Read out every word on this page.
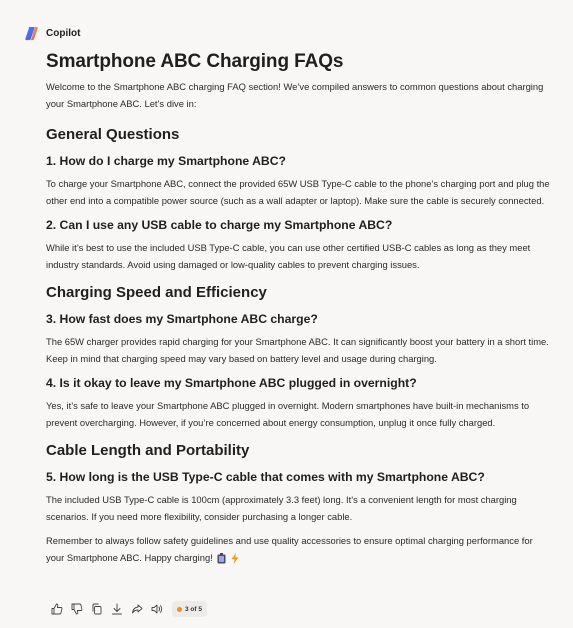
Copilot
Smartphone ABC Charging FAQs

Welcome to the Smartphone ABC charging FAQ section! We’ve compiled answers to common questions about charging your Smartphone ABC. Let’s dive in:

General Questions
1. How do I charge my Smartphone ABC?

To charge your Smartphone ABC, connect the provided 65W USB Type-C cable to the phone’s charging port and plug the other end into a compatible power source (such as a wall adapter or laptop). Make sure the cable is securely connected.

2. Can I use any USB cable to charge my Smartphone ABC?

While it’s best to use the included USB Type-C cable, you can use other certified USB-C cables as long as they meet industry standards. Avoid using damaged or low-quality cables to prevent charging issues.

Charging Speed and Efficiency
3. How fast does my Smartphone ABC charge?

The 65W charger provides rapid charging for your Smartphone ABC. It can significantly boost your battery in a short time. Keep in mind that charging speed may vary based on battery level and usage during charging.

4. Is it okay to leave my Smartphone ABC plugged in overnight?

Yes, it’s safe to leave your Smartphone ABC plugged in overnight. Modern smartphones have built-in mechanisms to prevent overcharging. However, if you’re concerned about energy consumption, unplug it once fully charged.

Cable Length and Portability
5. How long is the USB Type-C cable that comes with my Smartphone ABC?

The included USB Type-C cable is 100cm (approximately 3.3 feet) long. It’s a convenient length for most charging scenarios. If you need more flexibility, consider purchasing a longer cable.

Remember to always follow safety guidelines and use quality accessories to ensure optimal charging performance for your Smartphone ABC. Happy charging!

3 of 5
